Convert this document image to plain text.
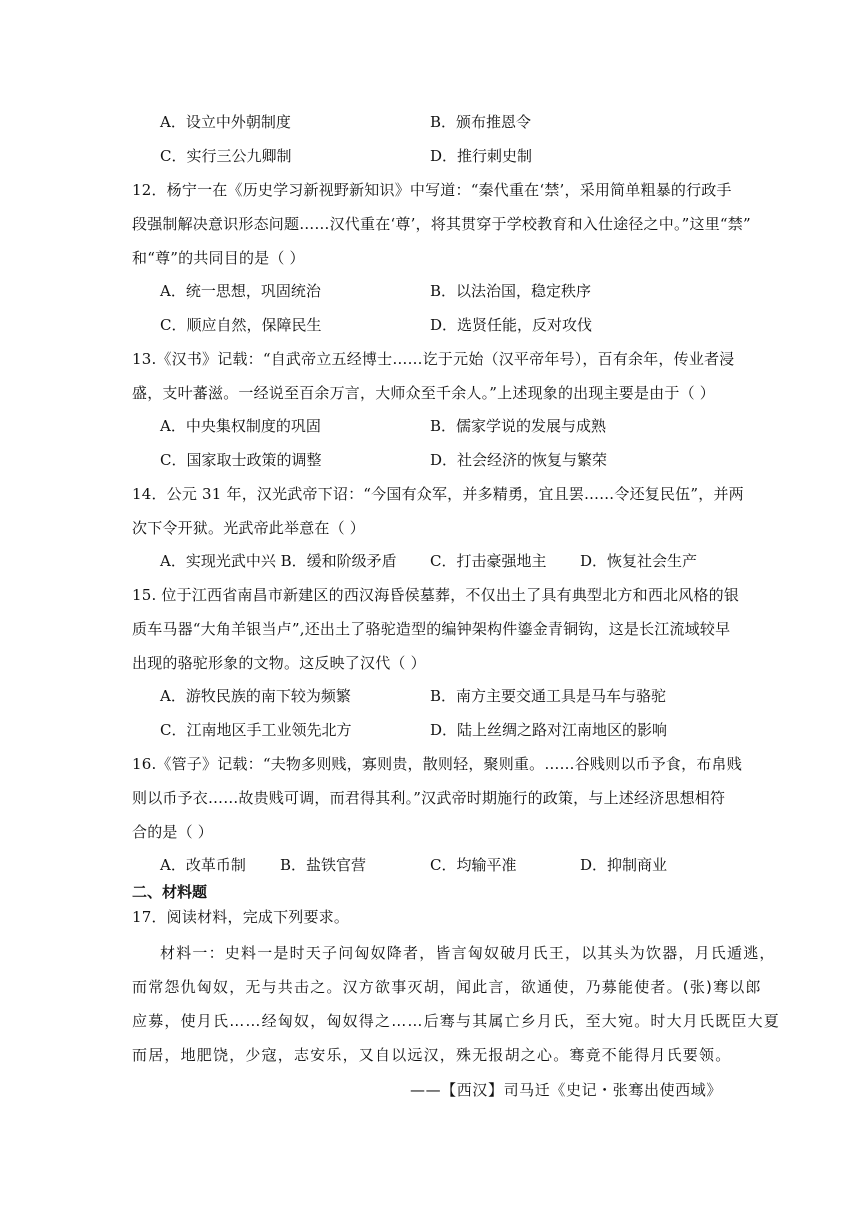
A．设立中外朝制度	B．颁布推恩令
C．实行三公九卿制	D．推行刺史制
12．杨宁一在《历史学习新视野新知识》中写道：“秦代重在‘禁’，采用简单粗暴的行政手
段强制解决意识形态问题……汉代重在‘尊’，将其贯穿于学校教育和入仕途径之中。”这里“禁”
和“尊”的共同目的是（ ）
A．统一思想，巩固统治	B．以法治国，稳定秩序
C．顺应自然，保障民生	D．选贤任能，反对攻伐
13.《汉书》记载：“自武帝立五经博士……讫于元始（汉平帝年号），百有余年，传业者浸
盛，支叶蕃滋。一经说至百余万言，大师众至千余人。”上述现象的出现主要是由于（ ）
A．中央集权制度的巩固	B．儒家学说的发展与成熟
C．国家取士政策的调整	D．社会经济的恢复与繁荣
14．公元 31 年，汉光武帝下诏：“今国有众军，并多精勇，宜且罢……令还复民伍”，并两
次下令开狱。光武帝此举意在（ ）
A．实现光武中兴 B．缓和阶级矛盾 C．打击豪强地主 D．恢复社会生产
15. 位于江西省南昌市新建区的西汉海昏侯墓葬，不仅出土了具有典型北方和西北风格的银
质车马器“大角羊银当卢”,还出土了骆驼造型的编钟架构件鎏金青铜钩，这是长江流域较早
出现的骆驼形象的文物。这反映了汉代（ ）
A．游牧民族的南下较为频繁	B．南方主要交通工具是马车与骆驼
C．江南地区手工业领先北方	D．陆上丝绸之路对江南地区的影响
16.《管子》记载：“夫物多则贱，寡则贵，散则轻，聚则重。……谷贱则以币予食，布帛贱
则以币予衣……故贵贱可调，而君得其利。”汉武帝时期施行的政策，与上述经济思想相符
合的是（ ）
A．改革币制 B．盐铁官营	C．均输平准	D．抑制商业
二、材料题
17．阅读材料，完成下列要求。
材料一：史料一是时天子问匈奴降者，皆言匈奴破月氏王，以其头为饮器，月氏遁逃，
而常怨仇匈奴，无与共击之。汉方欲事灭胡，闻此言，欲通使，乃募能使者。(张)骞以郎
应募，使月氏……经匈奴，匈奴得之……后骞与其属亡乡月氏，至大宛。时大月氏既臣大夏
而居，地肥饶，少寇，志安乐，又自以远汉，殊无报胡之心。骞竟不能得月氏要领。
——【西汉】司马迁《史记・张骞出使西域》
